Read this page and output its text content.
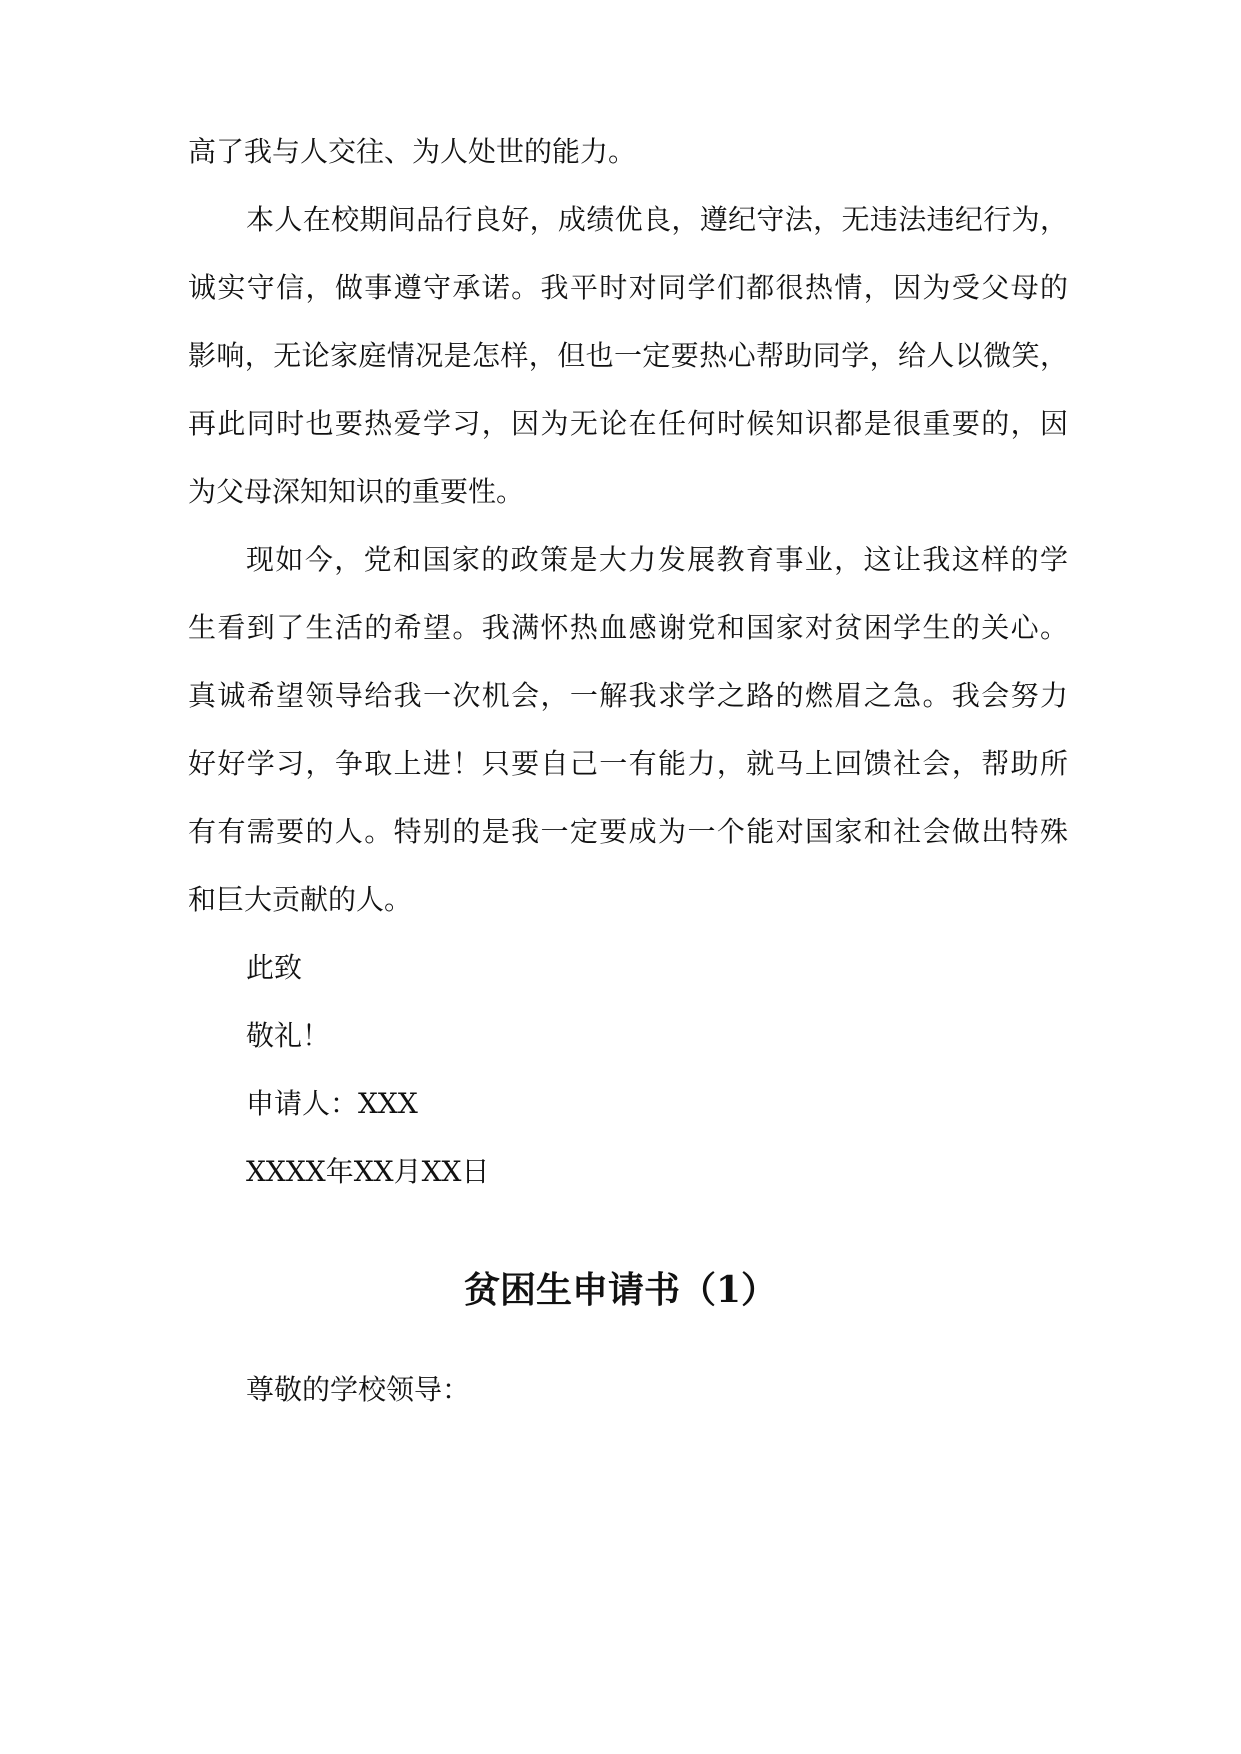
高了我与人交往、为人处世的能力。
本人在校期间品行良好，成绩优良，遵纪守法，无违法违纪行为，
诚实守信，做事遵守承诺。我平时对同学们都很热情，因为受父母的
影响，无论家庭情况是怎样，但也一定要热心帮助同学，给人以微笑，
再此同时也要热爱学习，因为无论在任何时候知识都是很重要的，因
为父母深知知识的重要性。
现如今，党和国家的政策是大力发展教育事业，这让我这样的学
生看到了生活的希望。我满怀热血感谢党和国家对贫困学生的关心。
真诚希望领导给我一次机会，一解我求学之路的燃眉之急。我会努力
好好学习，争取上进！只要自己一有能力，就马上回馈社会，帮助所
有有需要的人。特别的是我一定要成为一个能对国家和社会做出特殊
和巨大贡献的人。
此致
敬礼！
申请人：XXX
XXXX年XX月XX日
贫困生申请书（1）
尊敬的学校领导：
